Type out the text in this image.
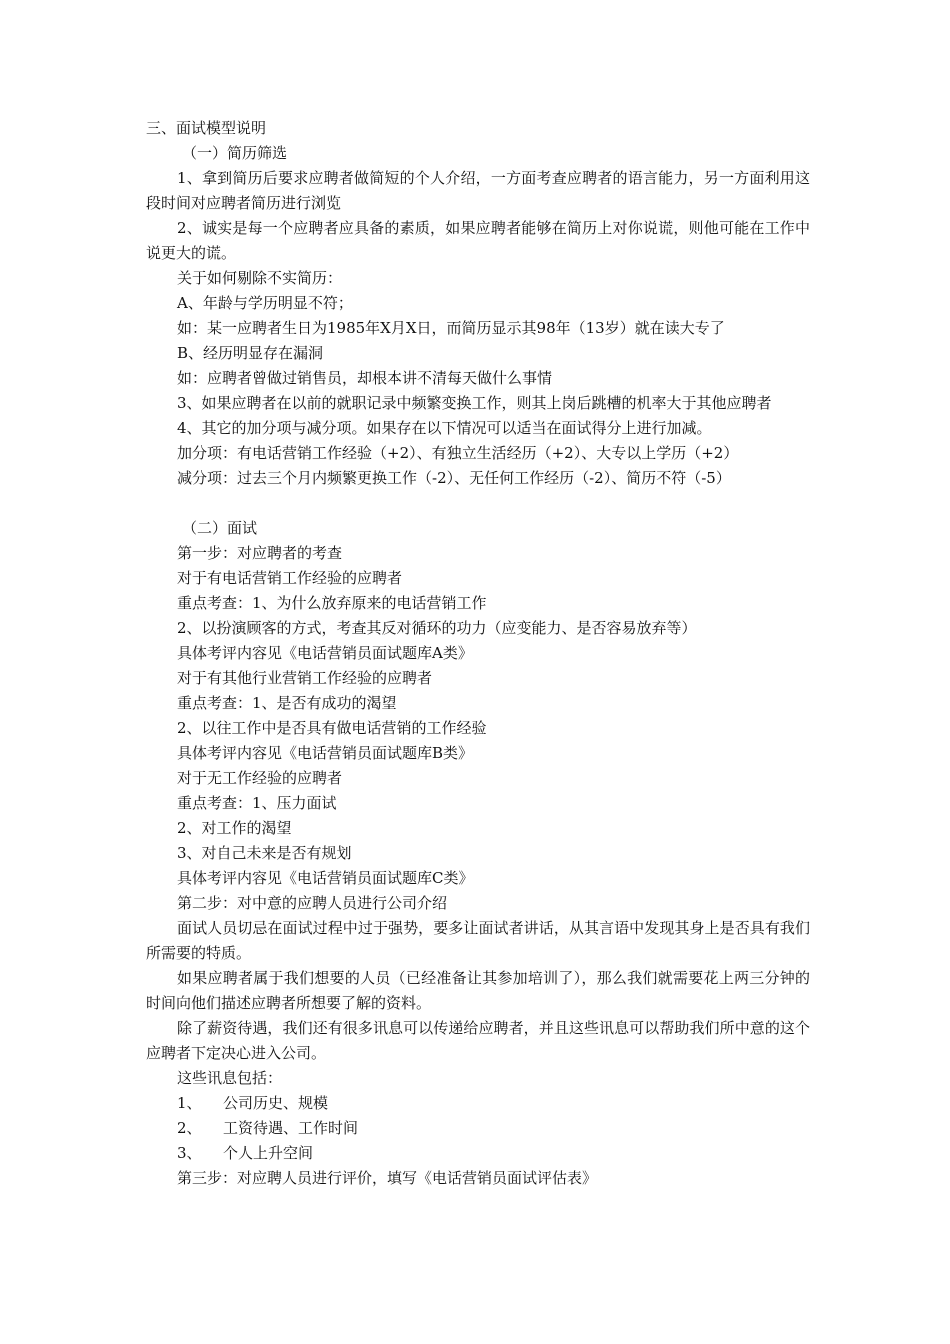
三、面试模型说明
（一）简历筛选

1、拿到简历后要求应聘者做简短的个人介绍，一方面考查应聘者的语言能力，另一方面利用这段时间对应聘者简历进行浏览

2、诚实是每一个应聘者应具备的素质，如果应聘者能够在简历上对你说谎，则他可能在工作中说更大的谎。

关于如何剔除不实简历：
A、年龄与学历明显不符；
如：某一应聘者生日为1985年X月X日，而简历显示其98年（13岁）就在读大专了
B、经历明显存在漏洞
如：应聘者曾做过销售员，却根本讲不清每天做什么事情

3、如果应聘者在以前的就职记录中频繁变换工作，则其上岗后跳槽的机率大于其他应聘者

4、其它的加分项与减分项。如果存在以下情况可以适当在面试得分上进行加减。
加分项：有电话营销工作经验（+2）、有独立生活经历（+2）、大专以上学历（+2）
减分项：过去三个月内频繁更换工作（-2）、无任何工作经历（-2）、简历不符（-5）
（二）面试
第一步：对应聘者的考查
对于有电话营销工作经验的应聘者
重点考查：1、为什么放弃原来的电话营销工作
2、以扮演顾客的方式，考查其反对循环的功力（应变能力、是否容易放弃等）
具体考评内容见《电话营销员面试题库A类》
对于有其他行业营销工作经验的应聘者
重点考查：1、是否有成功的渴望
2、以往工作中是否具有做电话营销的工作经验
具体考评内容见《电话营销员面试题库B类》
对于无工作经验的应聘者
重点考查：1、压力面试
2、对工作的渴望
3、对自己未来是否有规划
具体考评内容见《电话营销员面试题库C类》
第二步：对中意的应聘人员进行公司介绍

面试人员切忌在面试过程中过于强势，要多让面试者讲话，从其言语中发现其身上是否具有我们所需要的特质。

如果应聘者属于我们想要的人员（已经准备让其参加培训了），那么我们就需要花上两三分钟的时间向他们描述应聘者所想要了解的资料。

除了薪资待遇，我们还有很多讯息可以传递给应聘者，并且这些讯息可以帮助我们所中意的这个应聘者下定决心进入公司。

这些讯息包括：
1、 公司历史、规模
2、 工资待遇、工作时间
3、 个人上升空间
第三步：对应聘人员进行评价，填写《电话营销员面试评估表》
